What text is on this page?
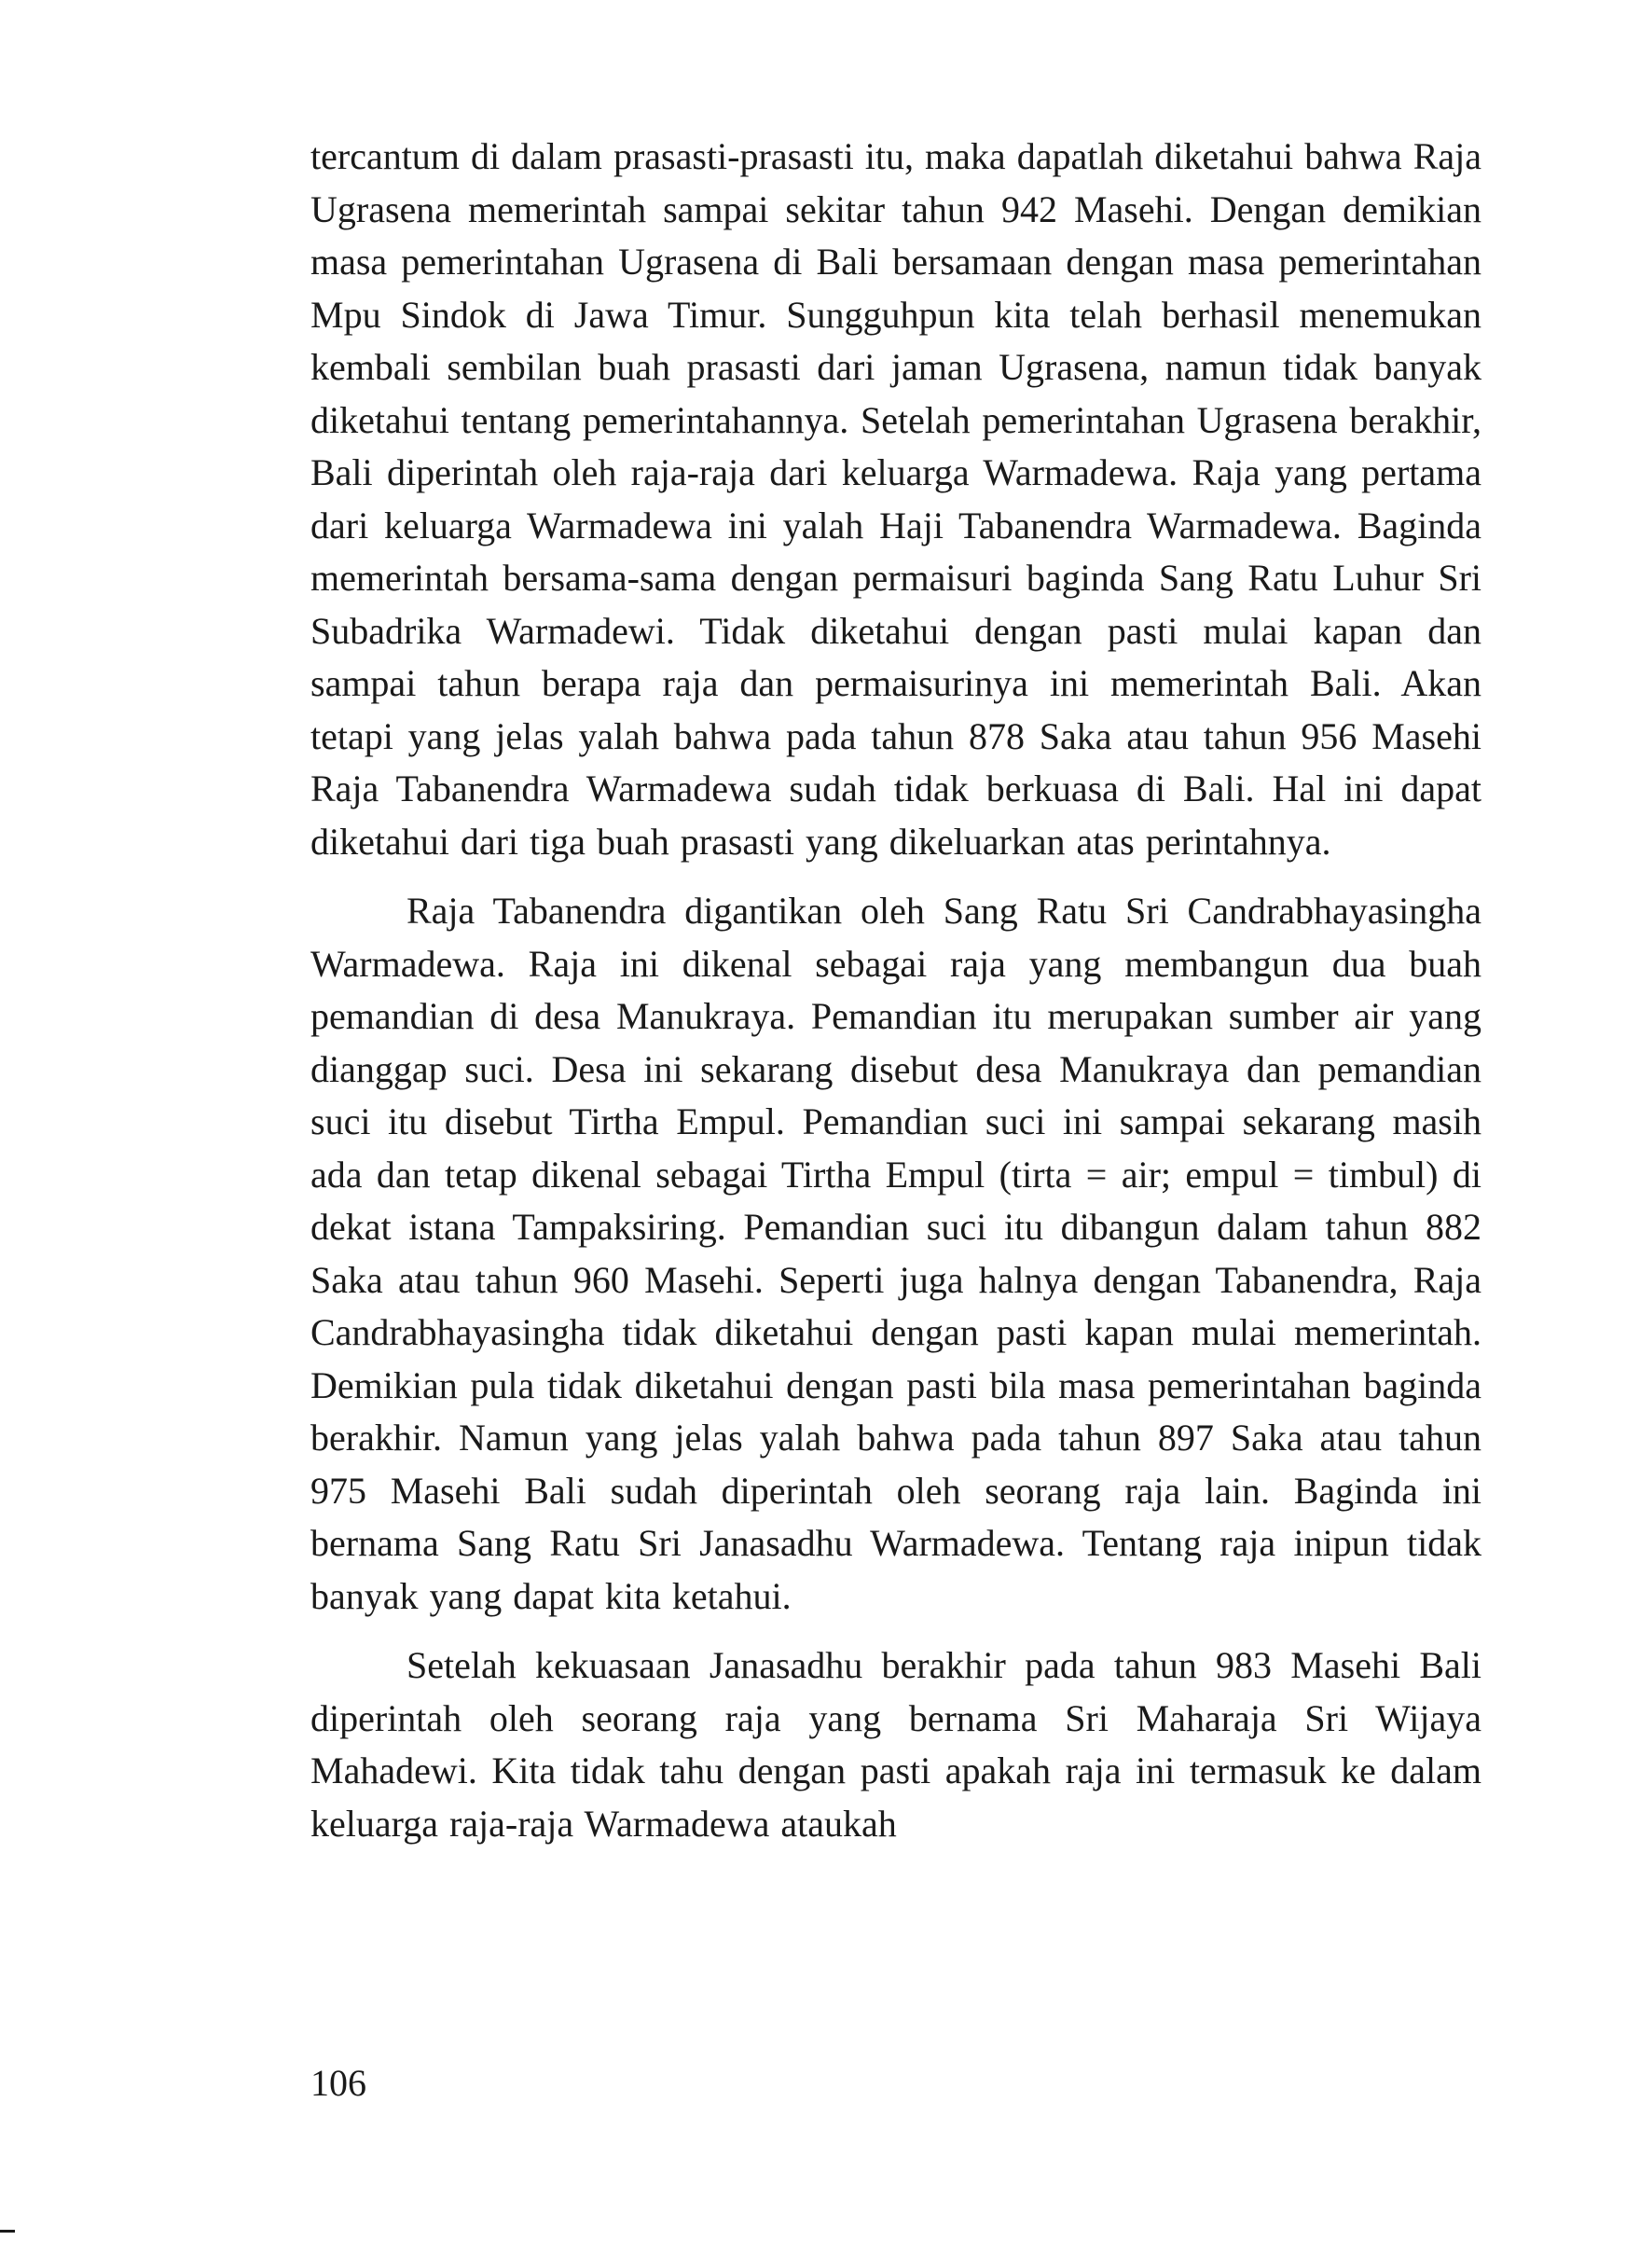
tercantum di dalam prasasti-prasasti itu, maka dapatlah diketahui bahwa Raja Ugrasena memerintah sampai sekitar tahun 942 Masehi. Dengan demikian masa pemerintahan Ugrasena di Bali bersamaan dengan masa pemerintahan Mpu Sindok di Jawa Timur. Sungguhpun kita telah berhasil menemukan kembali sembilan buah prasasti dari jaman Ugrasena, namun tidak banyak diketahui tentang pemerintahannya. Setelah pemerintahan Ugrasena berakhir, Bali diperintah oleh raja-raja dari keluarga Warmadewa. Raja yang pertama dari keluarga Warmadewa ini yalah Haji Tabanendra Warmadewa. Baginda memerintah bersama-sama dengan permaisuri baginda Sang Ratu Luhur Sri Subadrika Warmadewi. Tidak diketahui dengan pasti mulai kapan dan sampai tahun berapa raja dan permaisurinya ini memerintah Bali. Akan tetapi yang jelas yalah bahwa pada tahun 878 Saka atau tahun 956 Masehi Raja Tabanendra Warmadewa sudah tidak berkuasa di Bali. Hal ini dapat diketahui dari tiga buah prasasti yang dikeluarkan atas perintahnya.

Raja Tabanendra digantikan oleh Sang Ratu Sri Candrabhayasingha Warmadewa. Raja ini dikenal sebagai raja yang membangun dua buah pemandian di desa Manukraya. Pemandian itu merupakan sumber air yang dianggap suci. Desa ini sekarang disebut desa Manukraya dan pemandian suci itu disebut Tirtha Empul. Pemandian suci ini sampai sekarang masih ada dan tetap dikenal sebagai Tirtha Empul (tirta = air; empul = timbul) di dekat istana Tampaksiring. Pemandian suci itu dibangun dalam tahun 882 Saka atau tahun 960 Masehi. Seperti juga halnya dengan Tabanendra, Raja Candrabhayasingha tidak diketahui dengan pasti kapan mulai memerintah. Demikian pula tidak diketahui dengan pasti bila masa pemerintahan baginda berakhir. Namun yang jelas yalah bahwa pada tahun 897 Saka atau tahun 975 Masehi Bali sudah diperintah oleh seorang raja lain. Baginda ini bernama Sang Ratu Sri Janasadhu Warmadewa. Tentang raja inipun tidak banyak yang dapat kita ketahui.

Setelah kekuasaan Janasadhu berakhir pada tahun 983 Masehi Bali diperintah oleh seorang raja yang bernama Sri Maharaja Sri Wijaya Mahadewi. Kita tidak tahu dengan pasti apakah raja ini termasuk ke dalam keluarga raja-raja Warmadewa ataukah

106
